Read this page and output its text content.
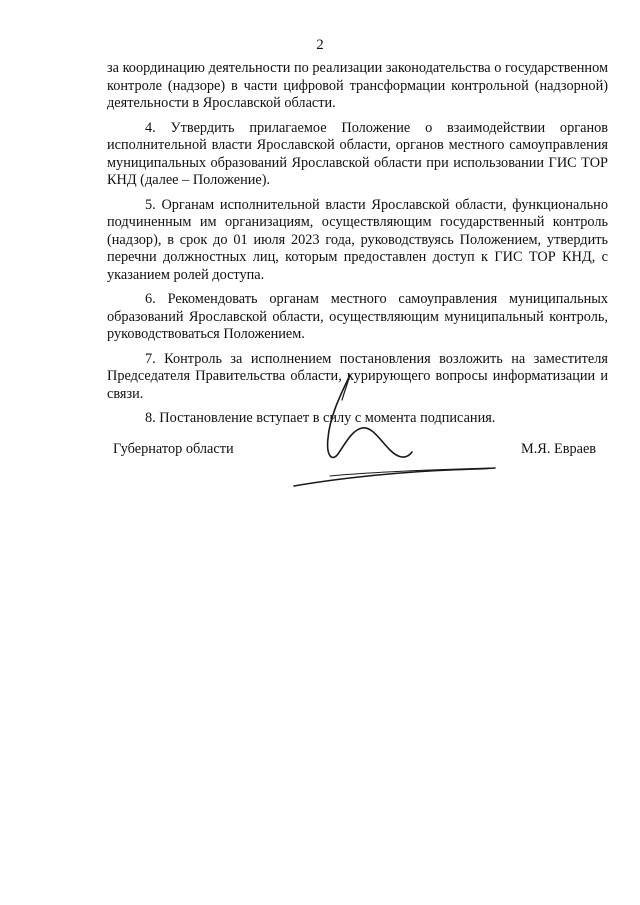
2

за координацию деятельности по реализации законодательства о государственном контроле (надзоре) в части цифровой трансформации контрольной (надзорной) деятельности в Ярославской области.

4. Утвердить прилагаемое Положение о взаимодействии органов исполнительной власти Ярославской области, органов местного самоуправления муниципальных образований Ярославской области при использовании ГИС ТОР КНД (далее – Положение).

5. Органам исполнительной власти Ярославской области, функционально подчиненным им организациям, осуществляющим государственный контроль (надзор), в срок до 01 июля 2023 года, руководствуясь Положением, утвердить перечни должностных лиц, которым предоставлен доступ к ГИС ТОР КНД, с указанием ролей доступа.

6. Рекомендовать органам местного самоуправления муниципальных образований Ярославской области, осуществляющим муниципальный контроль, руководствоваться Положением.

7. Контроль за исполнением постановления возложить на заместителя Председателя Правительства области, курирующего вопросы информатизации и связи.

8. Постановление вступает в силу с момента подписания.

Губернатор области	М.Я. Евраев
